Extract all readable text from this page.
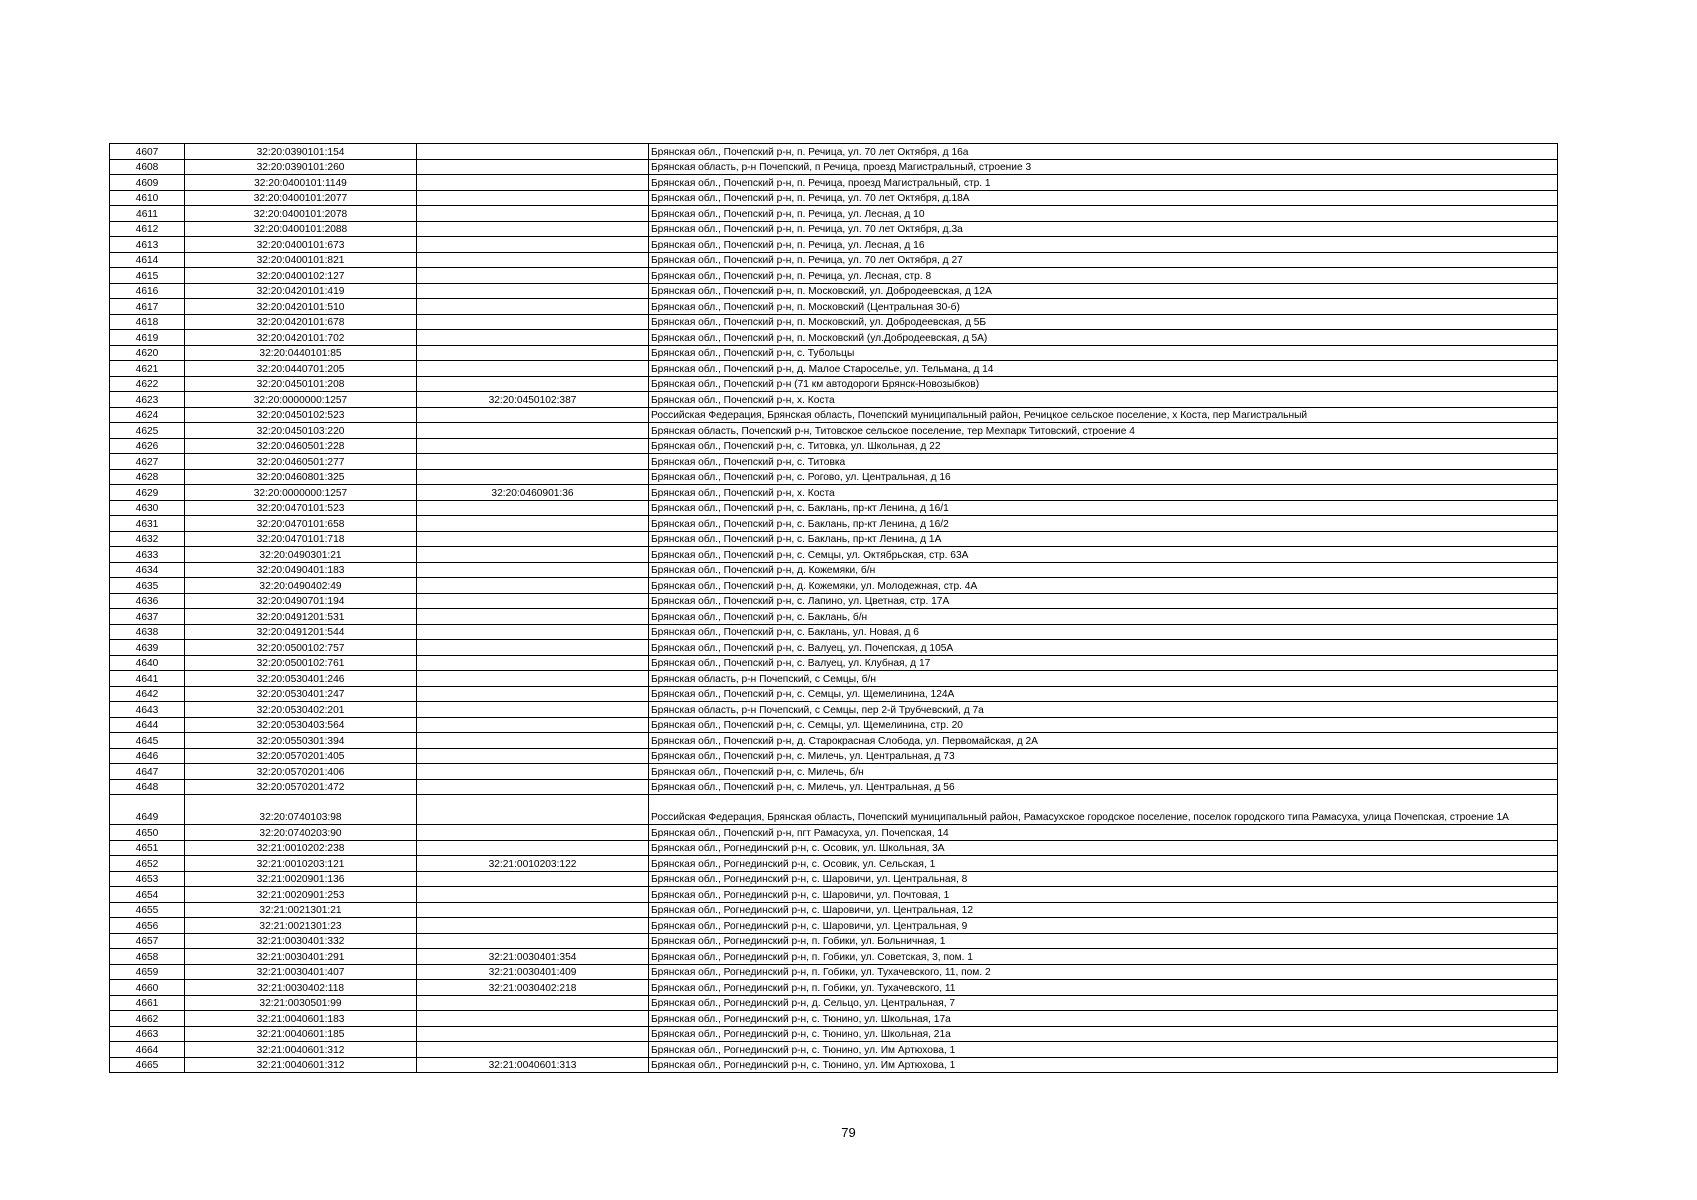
4607	32:20:0390101:154		Брянская обл., Почепский р-н, п. Речица, ул. 70 лет Октября, д 16а
4608	32:20:0390101:260		Брянская область, р-н Почепский, п Речица, проезд Магистральный, строение 3
4609	32:20:0400101:1149		Брянская обл., Почепский р-н, п. Речица, проезд Магистральный, стр. 1
4610	32:20:0400101:2077		Брянская обл., Почепский р-н, п. Речица, ул. 70 лет Октября, д.18А
4611	32:20:0400101:2078		Брянская обл., Почепский р-н, п. Речица, ул. Лесная, д 10
4612	32:20:0400101:2088		Брянская обл., Почепский р-н, п. Речица, ул. 70 лет Октября, д.3а
4613	32:20:0400101:673		Брянская обл., Почепский р-н, п. Речица, ул. Лесная, д 16
4614	32:20:0400101:821		Брянская обл., Почепский р-н, п. Речица, ул. 70 лет Октября, д 27
4615	32:20:0400102:127		Брянская обл., Почепский р-н, п. Речица, ул. Лесная, стр. 8
4616	32:20:0420101:419		Брянская обл., Почепский р-н, п. Московский, ул. Добродеевская, д 12А
4617	32:20:0420101:510		Брянская обл., Почепский р-н, п. Московский (Центральная 30-б)
4618	32:20:0420101:678		Брянская обл., Почепский р-н, п. Московский, ул. Добродеевская, д 5Б
4619	32:20:0420101:702		Брянская обл., Почепский р-н, п. Московский (ул.Добродеевская, д 5А)
4620	32:20:0440101:85		Брянская обл., Почепский р-н, с. Тубольцы
4621	32:20:0440701:205		Брянская обл., Почепский р-н, д. Малое Староселье, ул. Тельмана, д 14
4622	32:20:0450101:208		Брянская обл., Почепский р-н (71 км автодороги Брянск-Новозыбков)
4623	32:20:0000000:1257	32:20:0450102:387	Брянская обл., Почепский р-н, х. Коста
4624	32:20:0450102:523		Российская Федерация, Брянская область, Почепский муниципальный район, Речицкое сельское поселение, х Коста, пер Магистральный
4625	32:20:0450103:220		Брянская область, Почепский р-н, Титовское сельское поселение, тер Мехпарк Титовский, строение 4
4626	32:20:0460501:228		Брянская обл., Почепский р-н, с. Титовка, ул. Школьная, д 22
4627	32:20:0460501:277		Брянская обл., Почепский р-н, с. Титовка
4628	32:20:0460801:325		Брянская обл., Почепский р-н, с. Рогово, ул. Центральная, д 16
4629	32:20:0000000:1257	32:20:0460901:36	Брянская обл., Почепский р-н, х. Коста
4630	32:20:0470101:523		Брянская обл., Почепский р-н, с. Баклань, пр-кт Ленина, д 16/1
4631	32:20:0470101:658		Брянская обл., Почепский р-н, с. Баклань, пр-кт Ленина, д 16/2
4632	32:20:0470101:718		Брянская обл., Почепский р-н, с. Баклань, пр-кт Ленина, д 1А
4633	32:20:0490301:21		Брянская обл., Почепский р-н, с. Семцы, ул. Октябрьская, стр. 63А
4634	32:20:0490401:183		Брянская обл., Почепский р-н, д. Кожемяки, б/н
4635	32:20:0490402:49		Брянская обл., Почепский р-н, д. Кожемяки, ул. Молодежная, стр. 4А
4636	32:20:0490701:194		Брянская обл., Почепский р-н, с. Лапино, ул. Цветная, стр. 17А
4637	32:20:0491201:531		Брянская обл., Почепский р-н, с. Баклань, б/н
4638	32:20:0491201:544		Брянская обл., Почепский р-н, с. Баклань, ул. Новая, д 6
4639	32:20:0500102:757		Брянская обл., Почепский р-н, с. Валуец, ул. Почепская, д 105А
4640	32:20:0500102:761		Брянская обл., Почепский р-н, с. Валуец, ул. Клубная, д 17
4641	32:20:0530401:246		Брянская область, р-н Почепский, с Семцы, б/н
4642	32:20:0530401:247		Брянская обл., Почепский р-н, с. Семцы, ул. Щемелинина, 124А
4643	32:20:0530402:201		Брянская область, р-н Почепский, с Семцы, пер 2-й Трубчевский, д 7а
4644	32:20:0530403:564		Брянская обл., Почепский р-н, с. Семцы, ул. Щемелинина, стр. 20
4645	32:20:0550301:394		Брянская обл., Почепский р-н, д. Старокрасная Слобода, ул. Первомайская, д 2А
4646	32:20:0570201:405		Брянская обл., Почепский р-н, с. Милечь, ул. Центральная, д 73
4647	32:20:0570201:406		Брянская обл., Почепский р-н, с. Милечь, б/н
4648	32:20:0570201:472		Брянская обл., Почепский р-н, с. Милечь, ул. Центральная, д 56
4649	32:20:0740103:98		Российская Федерация, Брянская область, Почепский муниципальный район, Рамасухское городское поселение, поселок городского типа Рамасуха, улица Почепская, строение 1А
4650	32:20:0740203:90		Брянская обл., Почепский р-н, пгт Рамасуха, ул. Почепская, 14
4651	32:21:0010202:238		Брянская обл., Рогнединский р-н, с. Осовик, ул. Школьная, 3А
4652	32:21:0010203:121	32:21:0010203:122	Брянская обл., Рогнединский р-н, с. Осовик, ул. Сельская, 1
4653	32:21:0020901:136		Брянская обл., Рогнединский р-н, с. Шаровичи, ул. Центральная, 8
4654	32:21:0020901:253		Брянская обл., Рогнединский р-н, с. Шаровичи, ул. Почтовая, 1
4655	32:21:0021301:21		Брянская обл., Рогнединский р-н, с. Шаровичи, ул. Центральная, 12
4656	32:21:0021301:23		Брянская обл., Рогнединский р-н, с. Шаровичи, ул. Центральная, 9
4657	32:21:0030401:332		Брянская обл., Рогнединский р-н, п. Гобики, ул. Больничная, 1
4658	32:21:0030401:291	32:21:0030401:354	Брянская обл., Рогнединский р-н, п. Гобики, ул. Советская, 3, пом. 1
4659	32:21:0030401:407	32:21:0030401:409	Брянская обл., Рогнединский р-н, п. Гобики, ул. Тухачевского, 11, пом. 2
4660	32:21:0030402:118	32:21:0030402:218	Брянская обл., Рогнединский р-н, п. Гобики, ул. Тухачевского, 11
4661	32:21:0030501:99		Брянская обл., Рогнединский р-н, д. Сельцо, ул. Центральная, 7
4662	32:21:0040601:183		Брянская обл., Рогнединский р-н, с. Тюнино, ул. Школьная, 17а
4663	32:21:0040601:185		Брянская обл., Рогнединский р-н, с. Тюнино, ул. Школьная, 21а
4664	32:21:0040601:312		Брянская обл., Рогнединский р-н, с. Тюнино, ул. Им Артюхова, 1
4665	32:21:0040601:312	32:21:0040601:313	Брянская обл., Рогнединский р-н, с. Тюнино, ул. Им Артюхова, 1
79
